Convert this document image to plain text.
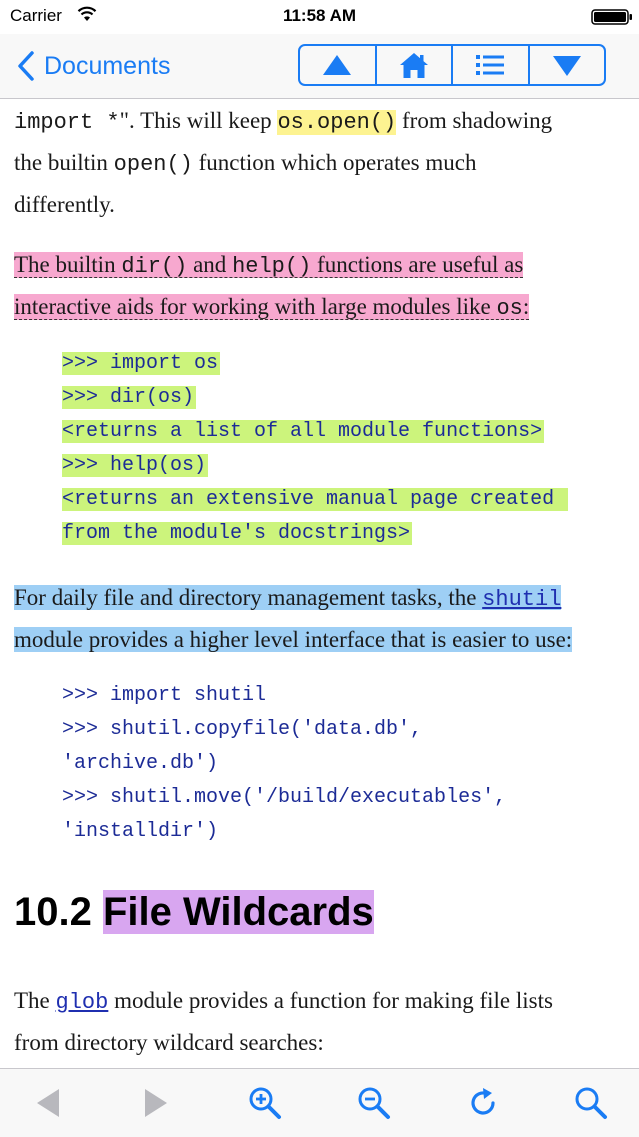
Carrier	11:58 AM
Documents

import *". This will keep os.open() from shadowing
the builtin open() function which operates much
differently.

The builtin dir() and help() functions are useful as
interactive aids for working with large modules like os:

>>> import os
>>> dir(os)
<returns a list of all module functions>
>>> help(os)
<returns an extensive manual page created
from the module's docstrings>

For daily file and directory management tasks, the shutil
module provides a higher level interface that is easier to use:

>>> import shutil
>>> shutil.copyfile('data.db',
'archive.db')
>>> shutil.move('/build/executables',
'installdir')
10.2 File Wildcards

The glob module provides a function for making file lists
from directory wildcard searches:
